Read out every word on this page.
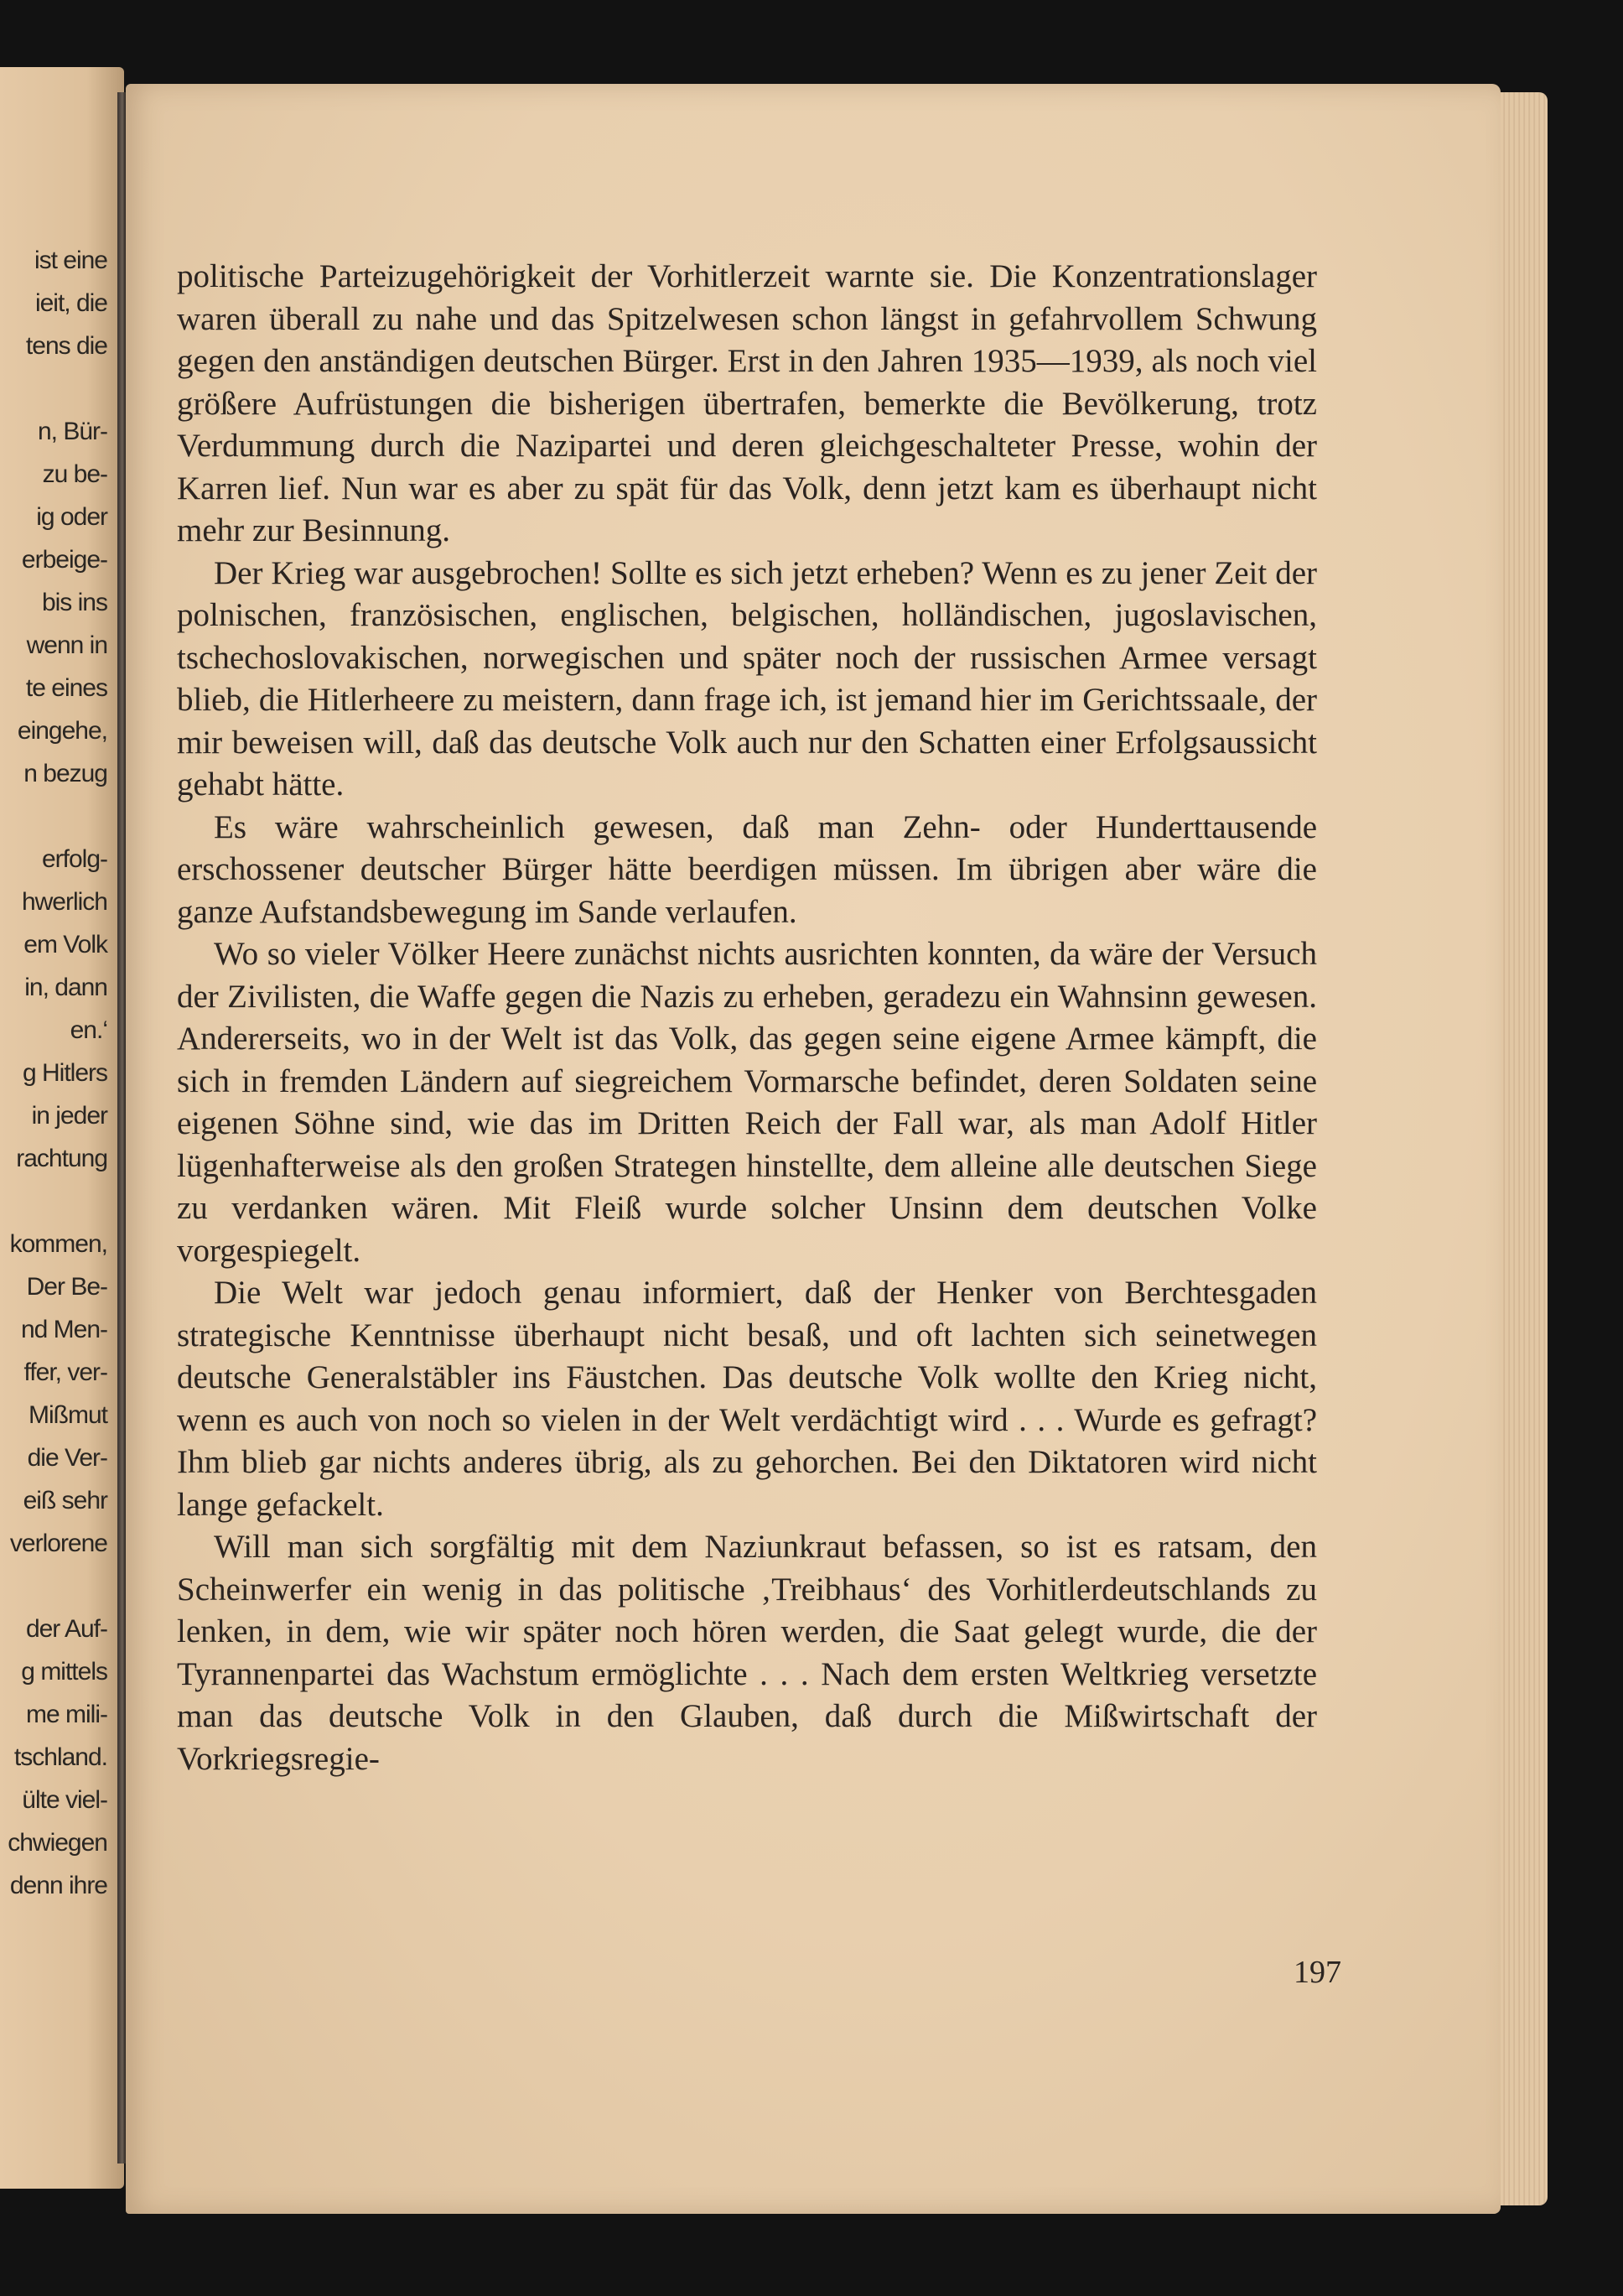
ist eine
ieit, die
tens die
n, Bür-
zu be-
ig oder
erbeige-
bis ins
wenn in
te eines
eingehe,
n bezug
erfolg-
hwerlich
em Volk
in, dann
en.‘
g Hitlers
in jeder
rachtung
kommen,
Der Be-
nd Men-
ffer, ver-
Mißmut
die Ver-
eiß sehr
verlorene
der Auf-
g mittels
me mili-
tschland.
ülte viel-
chwiegen
denn ihre

politische Parteizugehörigkeit der Vorhitlerzeit warnte sie. Die Konzentrationslager waren überall zu nahe und das Spitzelwesen schon längst in gefahrvollem Schwung gegen den anständigen deutschen Bürger. Erst in den Jahren 1935—1939, als noch viel größere Aufrüstungen die bisherigen übertrafen, bemerkte die Bevölkerung, trotz Verdummung durch die Nazipartei und deren gleichgeschalteter Presse, wohin der Karren lief. Nun war es aber zu spät für das Volk, denn jetzt kam es überhaupt nicht mehr zur Besinnung.

Der Krieg war ausgebrochen! Sollte es sich jetzt erheben? Wenn es zu jener Zeit der polnischen, französischen, englischen, belgischen, holländischen, jugoslavischen, tschechoslovakischen, norwegischen und später noch der russischen Armee versagt blieb, die Hitlerheere zu meistern, dann frage ich, ist jemand hier im Gerichtssaale, der mir beweisen will, daß das deutsche Volk auch nur den Schatten einer Erfolgsaussicht gehabt hätte.

Es wäre wahrscheinlich gewesen, daß man Zehn- oder Hunderttausende erschossener deutscher Bürger hätte beerdigen müssen. Im übrigen aber wäre die ganze Aufstandsbewegung im Sande verlaufen.

Wo so vieler Völker Heere zunächst nichts ausrichten konnten, da wäre der Versuch der Zivilisten, die Waffe gegen die Nazis zu erheben, geradezu ein Wahnsinn gewesen. Andererseits, wo in der Welt ist das Volk, das gegen seine eigene Armee kämpft, die sich in fremden Ländern auf siegreichem Vormarsche befindet, deren Soldaten seine eigenen Söhne sind, wie das im Dritten Reich der Fall war, als man Adolf Hitler lügenhafterweise als den großen Strategen hinstellte, dem alleine alle deutschen Siege zu verdanken wären. Mit Fleiß wurde solcher Unsinn dem deutschen Volke vorgespiegelt.

Die Welt war jedoch genau informiert, daß der Henker von Berchtesgaden strategische Kenntnisse überhaupt nicht besaß, und oft lachten sich seinetwegen deutsche Generalstäbler ins Fäustchen. Das deutsche Volk wollte den Krieg nicht, wenn es auch von noch so vielen in der Welt verdächtigt wird . . . Wurde es gefragt? Ihm blieb gar nichts anderes übrig, als zu gehorchen. Bei den Diktatoren wird nicht lange gefackelt.

Will man sich sorgfältig mit dem Naziunkraut befassen, so ist es ratsam, den Scheinwerfer ein wenig in das politische ‚Treibhaus‘ des Vorhitlerdeutschlands zu lenken, in dem, wie wir später noch hören werden, die Saat gelegt wurde, die der Tyrannenpartei das Wachstum ermöglichte . . . Nach dem ersten Weltkrieg versetzte man das deutsche Volk in den Glauben, daß durch die Mißwirtschaft der Vorkriegsregie-

197
